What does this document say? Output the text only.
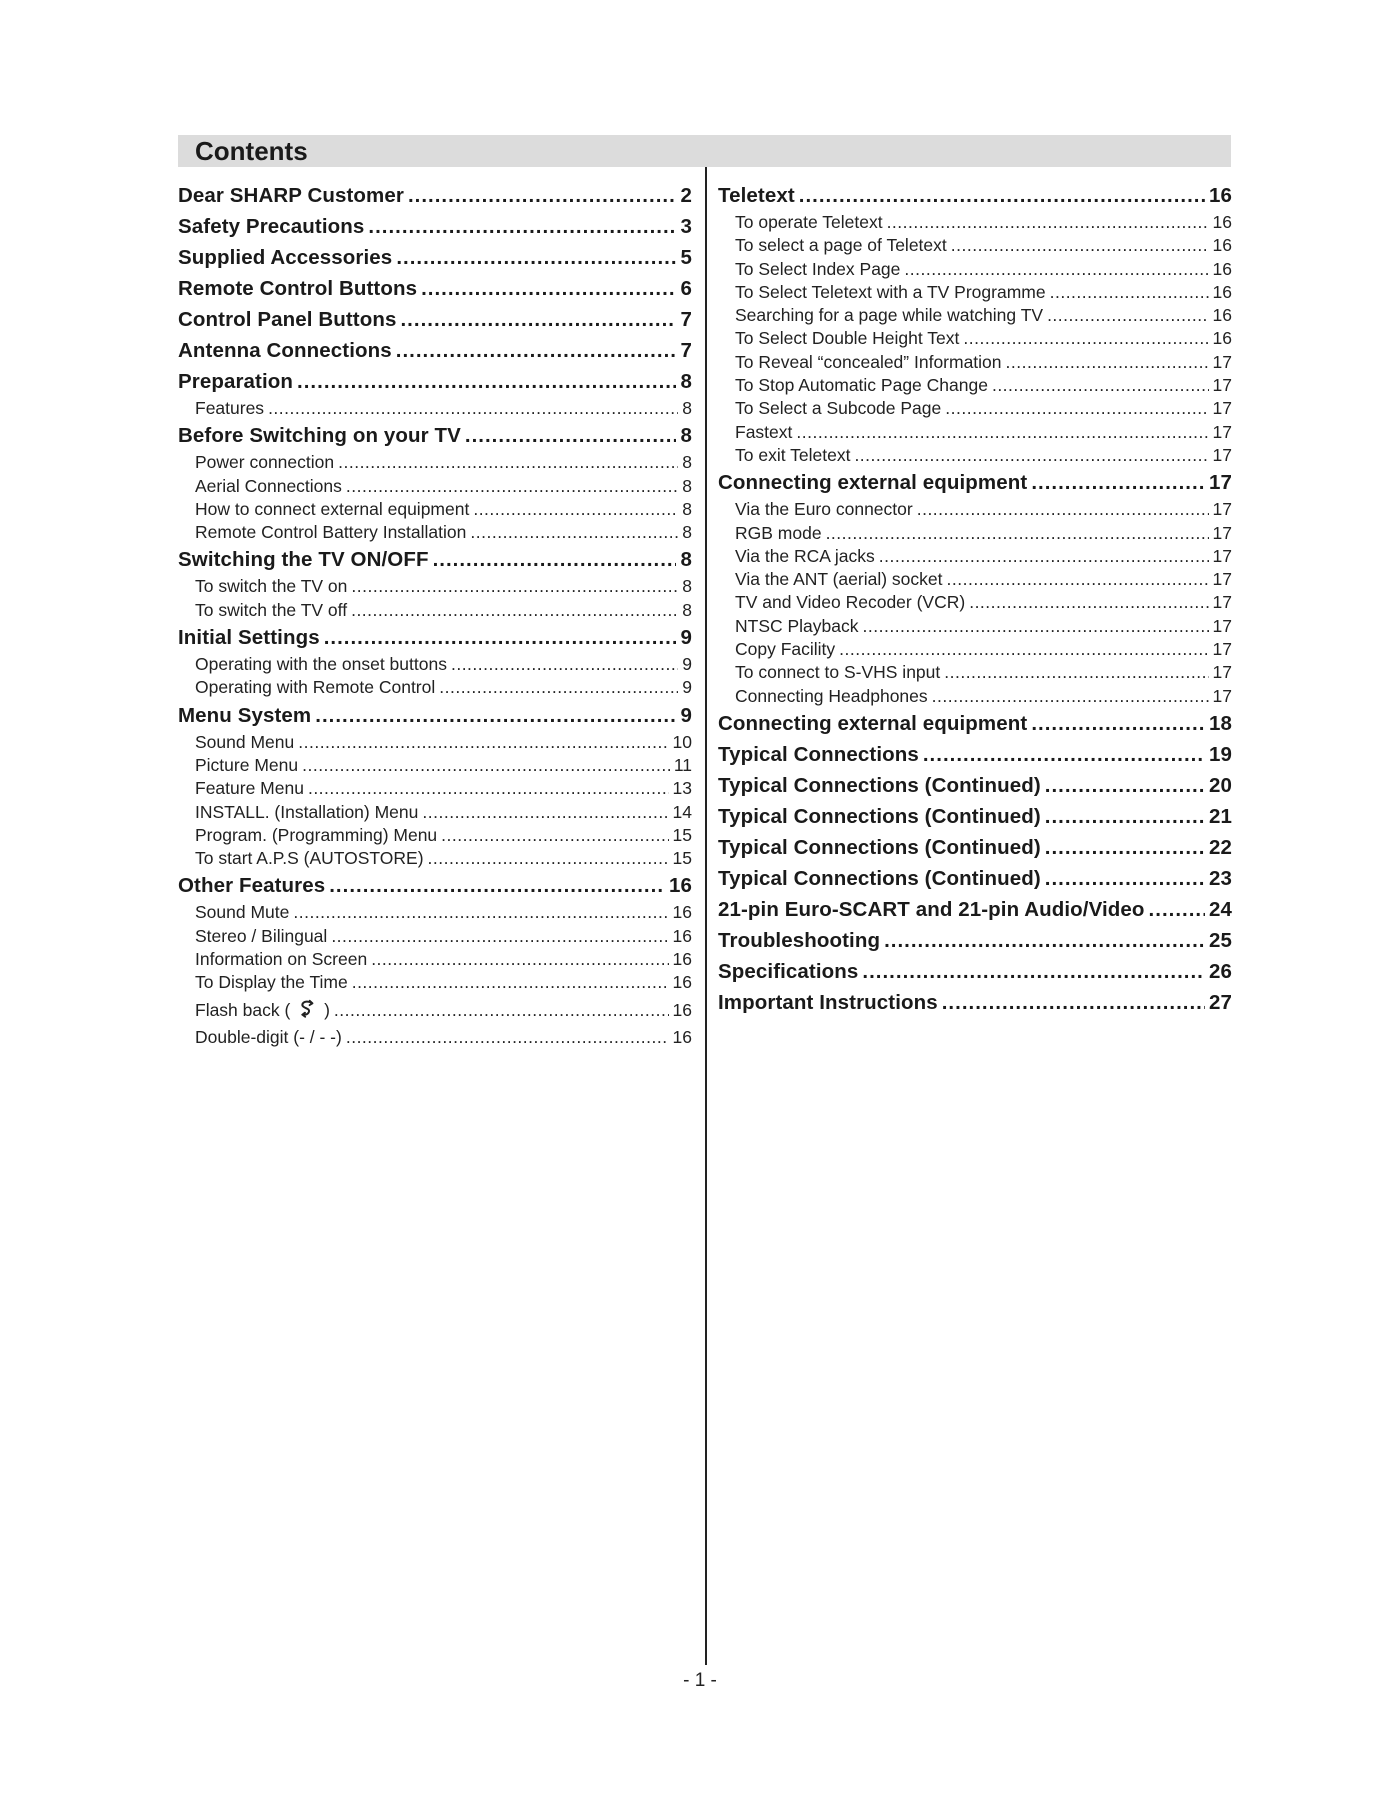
Contents
Dear SHARP Customer .....	2
Safety Precautions .....	3
Supplied Accessories .....	5
Remote Control Buttons .....	6
Control Panel Buttons .....	7
Antenna Connections .....	7
Preparation .....	8
Features .....	8
Before Switching on your TV .....	8
Power connection .....	8
Aerial Connections .....	8
How to connect external equipment .....	8
Remote Control Battery Installation .....	8
Switching the TV ON/OFF .....	8
To switch the TV on .....	8
To switch the TV off .....	8
Initial Settings .....	9
Operating with the onset buttons .....	9
Operating with Remote Control .....	9
Menu System .....	9
Sound Menu .....	10
Picture Menu .....	11
Feature Menu .....	13
INSTALL. (Installation) Menu .....	14
Program. (Programming) Menu .....	15
To start A.P.S (AUTOSTORE) .....	15
Other Features .....	16
Sound Mute .....	16
Stereo / Bilingual .....	16
Information on Screen .....	16
To Display the Time .....	16
Flash back ( ) .....	16
Double-digit (- / - -) .....	16
Teletext .....	16
To operate Teletext .....	16
To select a page of Teletext .....	16
To Select Index Page .....	16
To Select Teletext with a TV Programme .....	16
Searching for a page while watching TV .....	16
To Select Double Height Text .....	16
To Reveal “concealed” Information .....	17
To Stop Automatic Page Change .....	17
To Select a Subcode Page .....	17
Fastext .....	17
To exit Teletext .....	17
Connecting external equipment .....	17
Via the Euro connector .....	17
RGB mode .....	17
Via the RCA jacks .....	17
Via the ANT (aerial) socket .....	17
TV and Video Recoder (VCR) .....	17
NTSC Playback .....	17
Copy Facility .....	17
To connect to S-VHS input .....	17
Connecting Headphones .....	17
Connecting external equipment .....	18
Typical Connections .....	19
Typical Connections (Continued) .....	20
Typical Connections (Continued) .....	21
Typical Connections (Continued) .....	22
Typical Connections (Continued) .....	23
21-pin Euro-SCART and 21-pin Audio/Video .....	24
Troubleshooting .....	25
Specifications .....	26
Important Instructions .....	27
- 1 -
